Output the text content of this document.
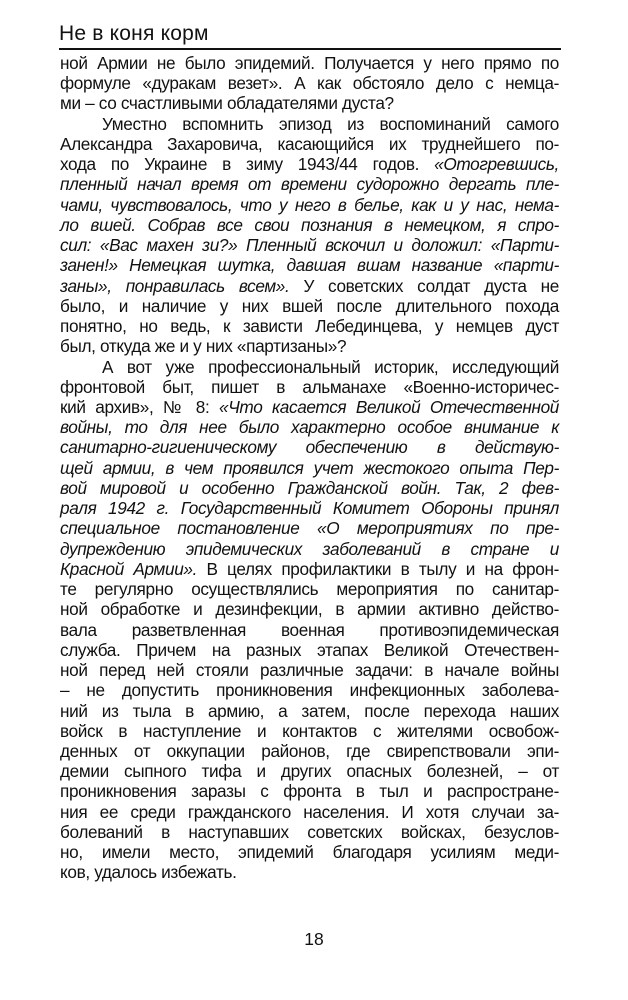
Не в коня корм
ной Армии не было эпидемий. Получается у него прямо по
формуле «дуракам везет». А как обстояло дело с немца-
ми – со счастливыми обладателями дуста?
Уместно вспомнить эпизод из воспоминаний самого
Александра Захаровича, касающийся их труднейшего по-
хода по Украине в зиму 1943/44 годов. «Отогревшись,
пленный начал время от времени судорожно дергать пле-
чами, чувствовалось, что у него в белье, как и у нас, нема-
ло вшей. Собрав все свои познания в немецком, я спро-
сил: «Вас махен зи?» Пленный вскочил и доложил: «Парти-
занен!» Немецкая шутка, давшая вшам название «парти-
заны», понравилась всем». У советских солдат дуста не
было, и наличие у них вшей после длительного похода
понятно, но ведь, к зависти Лебединцева, у немцев дуст
был, откуда же и у них «партизаны»?
А вот уже профессиональный историк, исследующий
фронтовой быт, пишет в альманахе «Военно-историчес-
кий архив», № 8: «Что касается Великой Отечественной
войны, то для нее было характерно особое внимание к
санитарно-гигиеническому обеспечению в действую-
щей армии, в чем проявился учет жестокого опыта Пер-
вой мировой и особенно Гражданской войн. Так, 2 фев-
раля 1942 г. Государственный Комитет Обороны принял
специальное постановление «О мероприятиях по пре-
дупреждению эпидемических заболеваний в стране и
Красной Армии». В целях профилактики в тылу и на фрон-
те регулярно осуществлялись мероприятия по санитар-
ной обработке и дезинфекции, в армии активно действо-
вала разветвленная военная противоэпидемическая
служба. Причем на разных этапах Великой Отечествен-
ной перед ней стояли различные задачи: в начале войны
– не допустить проникновения инфекционных заболева-
ний из тыла в армию, а затем, после перехода наших
войск в наступление и контактов с жителями освобож-
денных от оккупации районов, где свирепствовали эпи-
демии сыпного тифа и других опасных болезней, – от
проникновения заразы с фронта в тыл и распростране-
ния ее среди гражданского населения. И хотя случаи за-
болеваний в наступавших советских войсках, безуслов-
но, имели место, эпидемий благодаря усилиям меди-
ков, удалось избежать.
18
